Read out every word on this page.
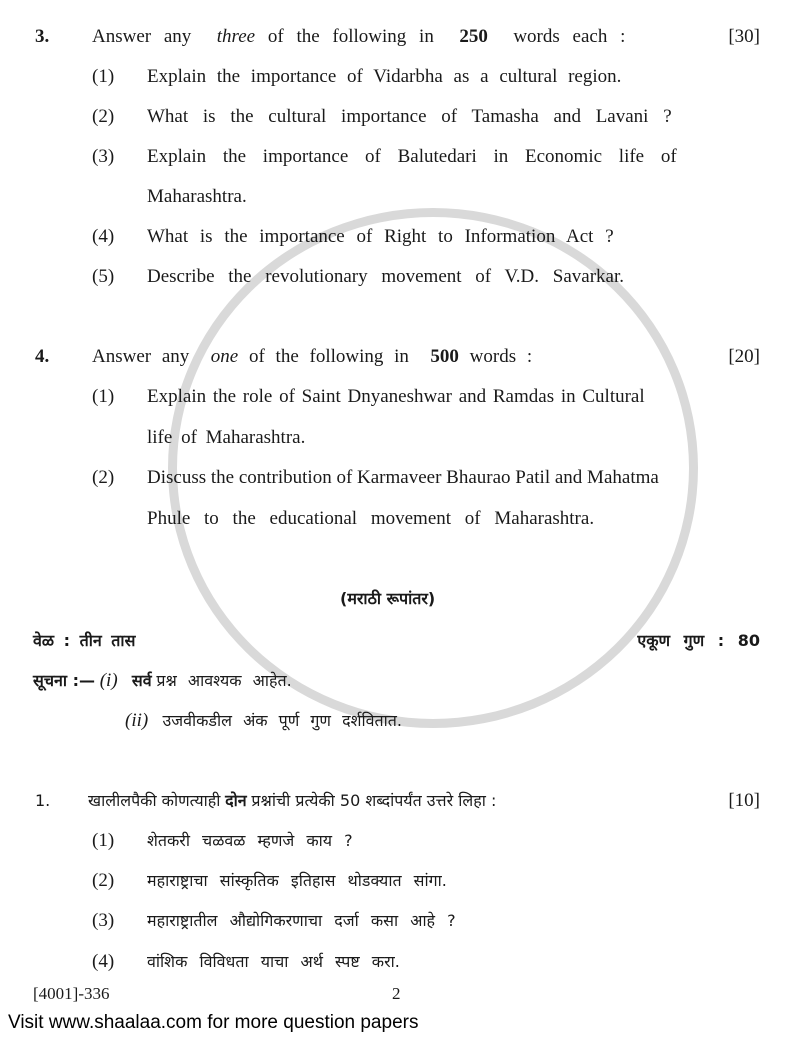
3. Answer any three of the following in 250 words each :	[30]
(1) Explain the importance of Vidarbha as a cultural region.
(2) What is the cultural importance of Tamasha and Lavani ?
(3) Explain the importance of Balutedari in Economic life of
Maharashtra.
(4) What is the importance of Right to Information Act ?
(5) Describe the revolutionary movement of V.D. Savarkar.
4. Answer any one of the following in 500 words :	[20]
(1) Explain the role of Saint Dnyaneshwar and Ramdas in Cultural
life of Maharashtra.
(2) Discuss the contribution of Karmaveer Bhaurao Patil and Mahatma
Phule to the educational movement of Maharashtra.
(मराठी रूपांतर)
वेळ : तीन तास	एकूण गुण : 80
सूचना :— (i) सर्व प्रश्न आवश्यक आहेत.
(ii) उजवीकडील अंक पूर्ण गुण दर्शवितात.
1. खालीलपैकी कोणत्याही दोन प्रश्नांची प्रत्येकी 50 शब्दांपर्यंत उत्तरे लिहा :	[10]
(1) शेतकरी चळवळ म्हणजे काय ?
(2) महाराष्ट्राचा सांस्कृतिक इतिहास थोडक्यात सांगा.
(3) महाराष्ट्रातील औद्योगिकरणाचा दर्जा कसा आहे ?
(4) वांशिक विविधता याचा अर्थ स्पष्ट करा.
[4001]-336	2
Visit www.shaalaa.com for more question papers
